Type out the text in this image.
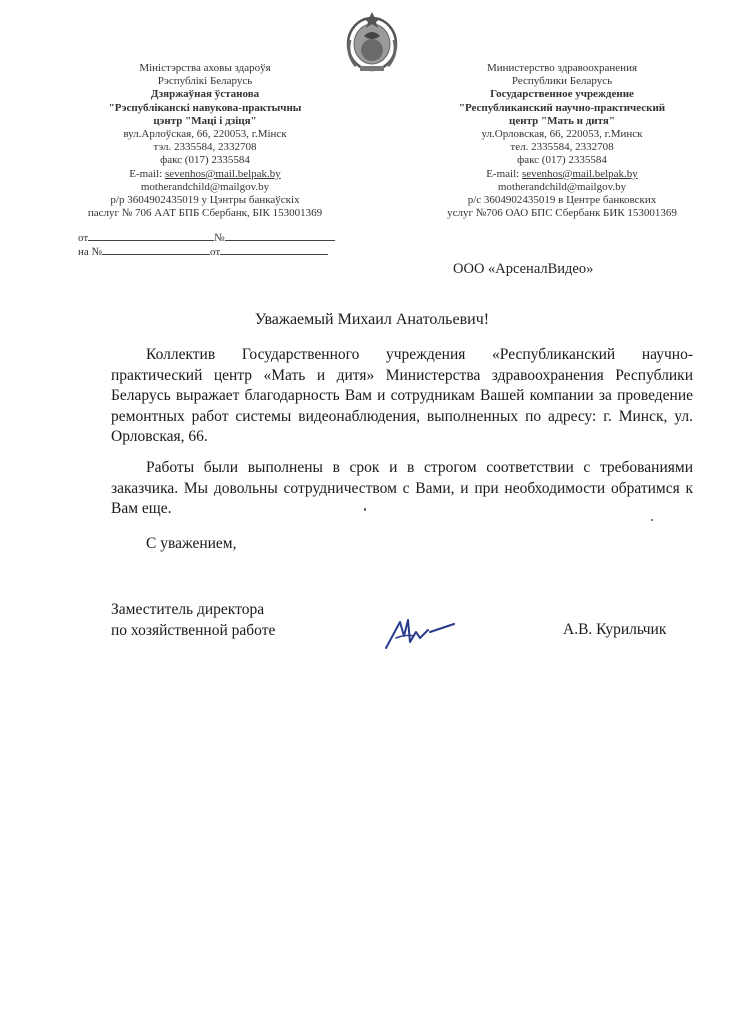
Міністэрства аховы здароўя
Рэспублікі Беларусь
Дзяржаўная ўстанова
"Рэспубліканскі навукова-практычны
цэнтр "Маці і дзіця"
вул.Арлоўская, 66, 220053, г.Мінск
тэл. 2335584, 2332708
факс (017) 2335584
E-mail: sevenhos@mail.belpak.by
motherandchild@mailgov.by
р/р 3604902435019 у Цэнтры банкаўскіх
паслуг № 706 ААТ БПБ Сбербанк, БІК 153001369
Министерство здравоохранения
Республики Беларусь
Государственное учреждение
"Республиканский научно-практический
центр "Мать и дитя"
ул.Орловская, 66, 220053, г.Минск
тел. 2335584, 2332708
факс (017) 2335584
E-mail: sevenhos@mail.belpak.by
motherandchild@mailgov.by
р/с 3604902435019 в Центре банковских
услуг №706 ОАО БПС Сбербанк БИК 153001369
от	№
на №	от
ООО «АрсеналВидео»
Уважаемый Михаил Анатольевич!
Коллектив Государственного учреждения «Республиканский научно-практический центр «Мать и дитя» Министерства здравоохранения Республики Беларусь выражает благодарность Вам и сотрудникам Вашей компании за проведение ремонтных работ системы видеонаблюдения, выполненных по адресу: г. Минск, ул. Орловская, 66.
Работы были выполнены в срок и в строгом соответствии с требованиями заказчика. Мы довольны сотрудничеством с Вами, и при необходимости обратимся к Вам еще.
С уважением,
Заместитель директора
по хозяйственной работе	А.В. Курильчик
